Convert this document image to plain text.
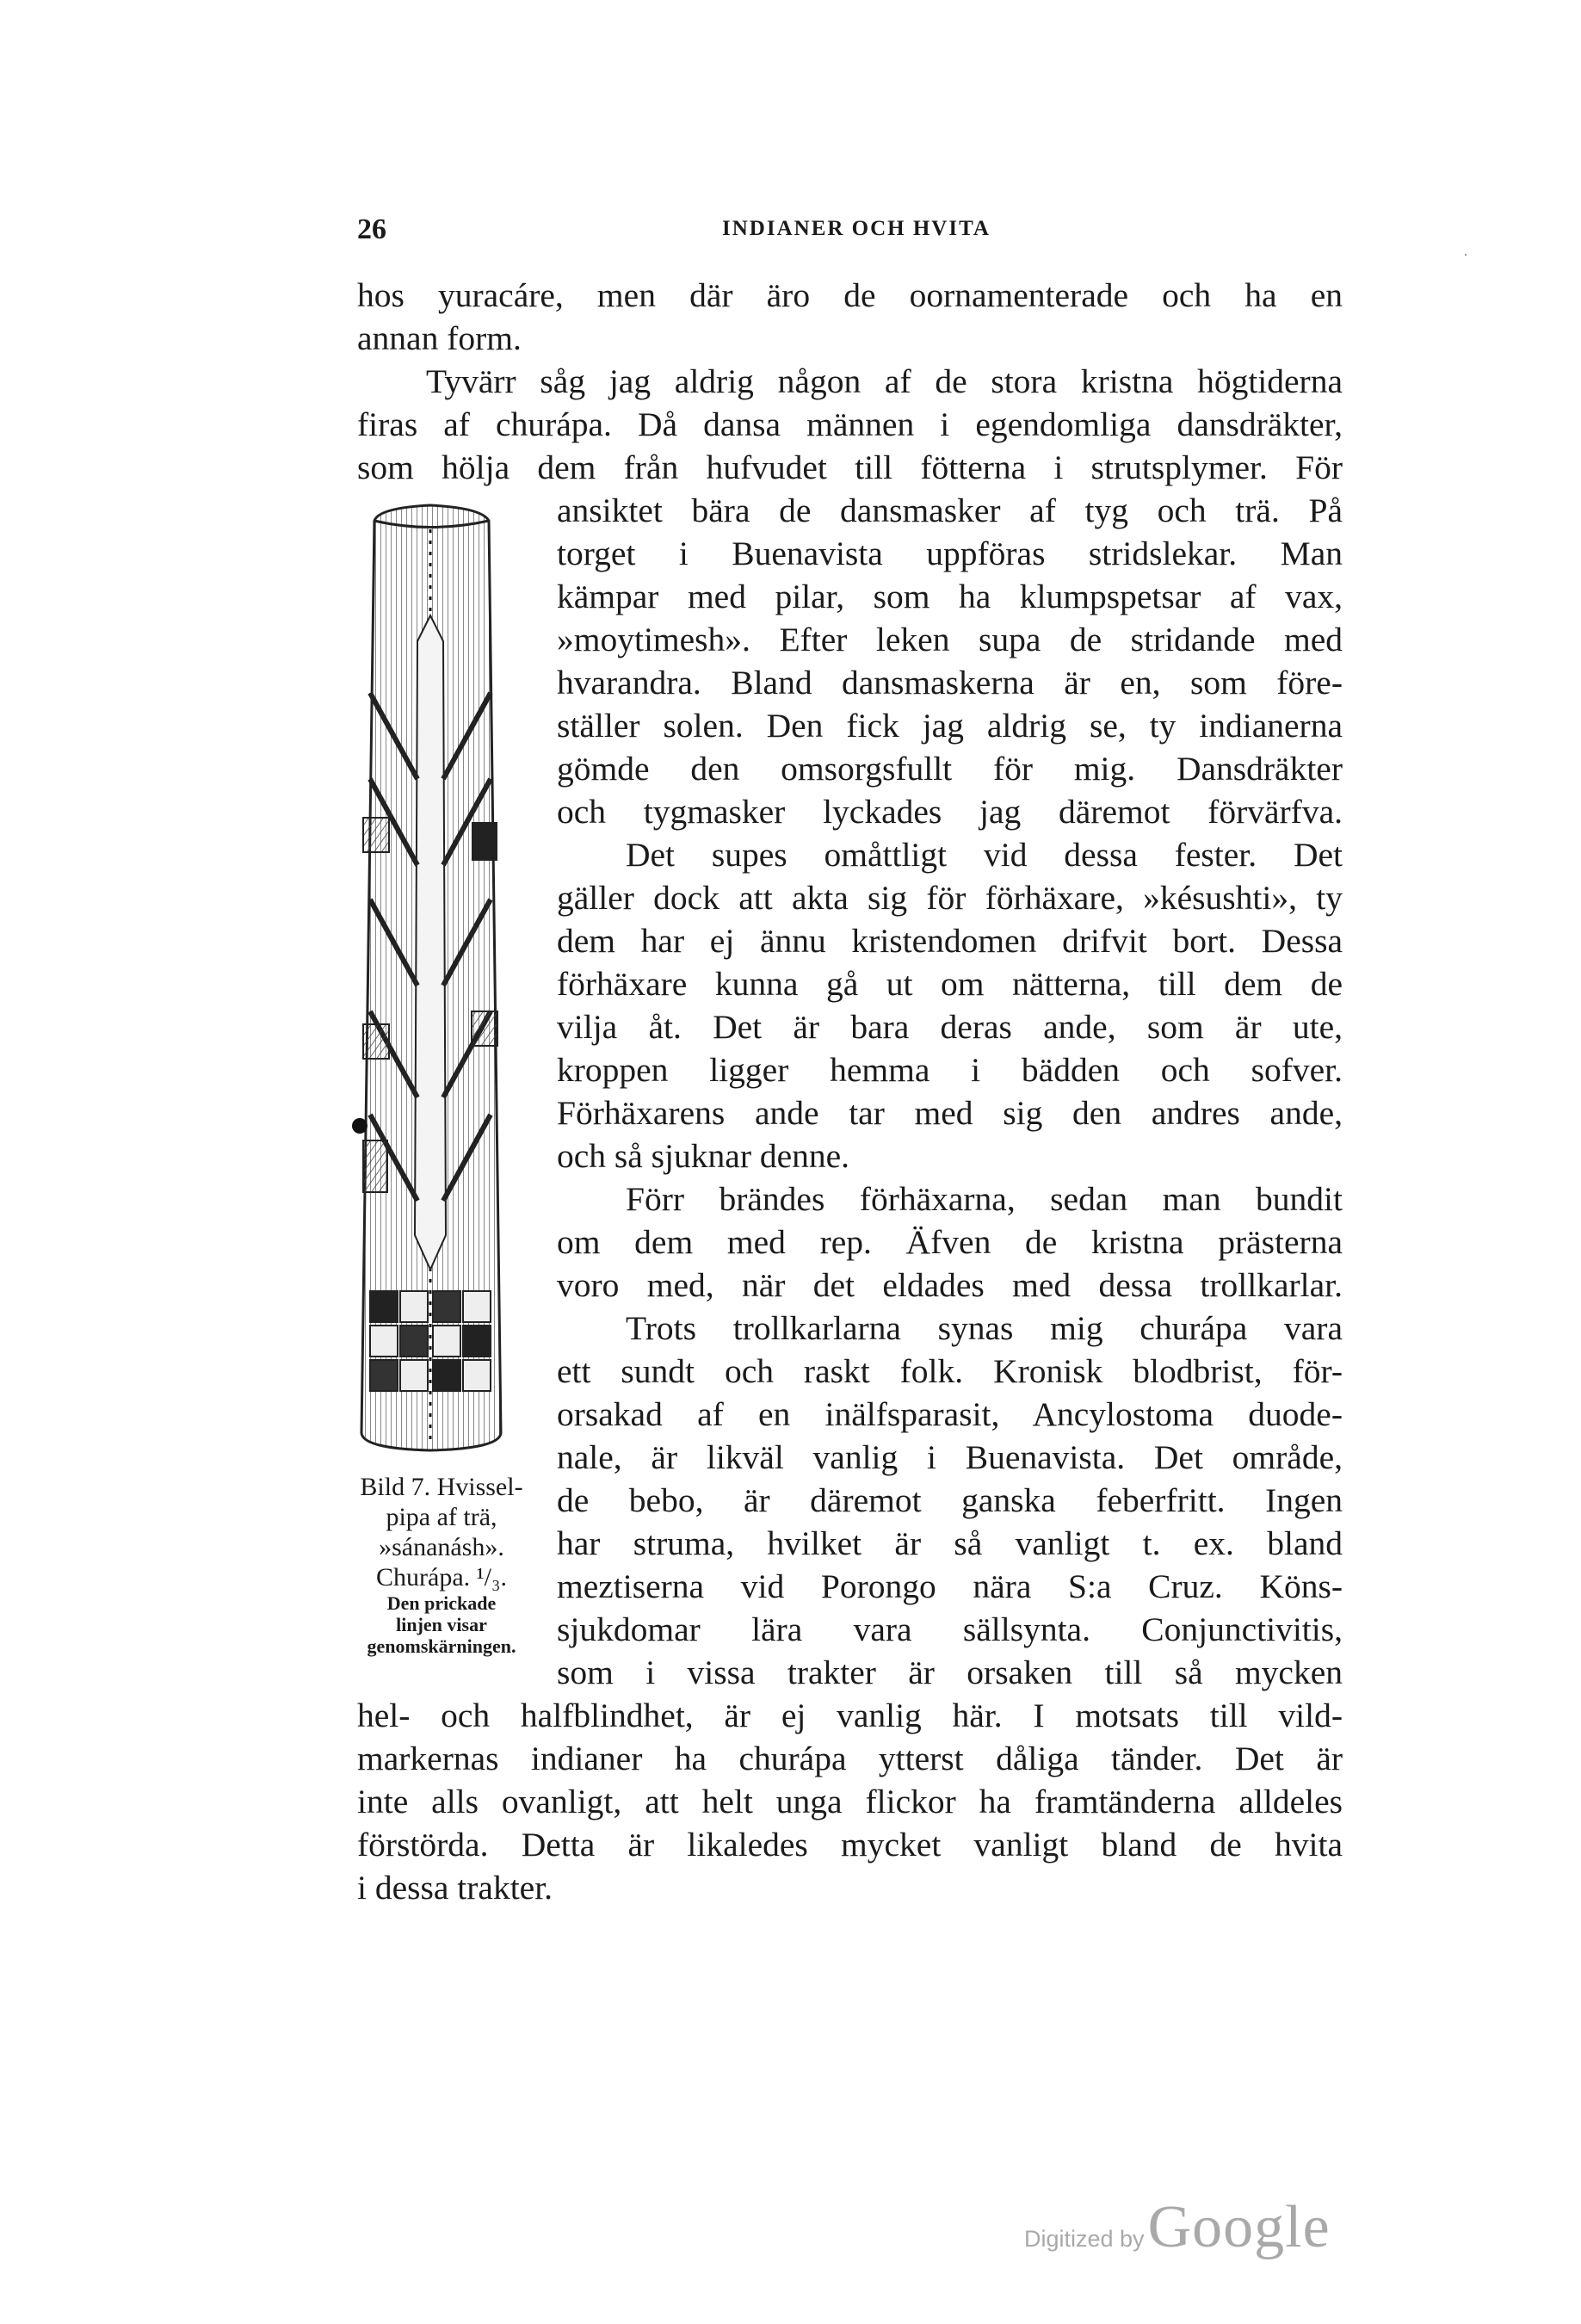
26	INDIANER OCH HVITA
hos yuracáre, men där äro de oornamenterade och ha en
annan form.
Tyvärr såg jag aldrig någon af de stora kristna högtiderna
firas af churápa. Då dansa männen i egendomliga dansdräkter,
som hölja dem från hufvudet till fötterna i strutsplymer. För
ansiktet bära de dansmasker af tyg och trä. På
torget i Buenavista uppföras stridslekar. Man
kämpar med pilar, som ha klumpspetsar af vax,
»moytimesh». Efter leken supa de stridande med
hvarandra. Bland dansmaskerna är en, som före-
ställer solen. Den fick jag aldrig se, ty indianerna
gömde den omsorgsfullt för mig. Dansdräkter
och tygmasker lyckades jag däremot förvärfva.
Det supes omåttligt vid dessa fester. Det
gäller dock att akta sig för förhäxare, »késushti», ty
dem har ej ännu kristendomen drifvit bort. Dessa
förhäxare kunna gå ut om nätterna, till dem de
vilja åt. Det är bara deras ande, som är ute,
kroppen ligger hemma i bädden och sofver.
Förhäxarens ande tar med sig den andres ande,
och så sjuknar denne.
Förr brändes förhäxarna, sedan man bundit
om dem med rep. Äfven de kristna prästerna
voro med, när det eldades med dessa trollkarlar.
Trots trollkarlarna synas mig churápa vara
ett sundt och raskt folk. Kronisk blodbrist, för-
orsakad af en inälfsparasit, Ancylostoma duode-
nale, är likväl vanlig i Buenavista. Det område,
de bebo, är däremot ganska feberfritt. Ingen
har struma, hvilket är så vanligt t. ex. bland
meztiserna vid Porongo nära S:a Cruz. Köns-
sjukdomar lära vara sällsynta. Conjunctivitis,
som i vissa trakter är orsaken till så mycken
hel- och halfblindhet, är ej vanlig här. I motsats till vild-
markernas indianer ha churápa ytterst dåliga tänder. Det är
inte alls ovanligt, att helt unga flickor ha framtänderna alldeles
förstörda. Detta är likaledes mycket vanligt bland de hvita
i dessa trakter.
Bild 7. Hvissel-
pipa af trä,
»sánanásh».
Churápa. ¹/₃.
Den prickade
linjen visar
genomskärningen.
Digitized by Google
